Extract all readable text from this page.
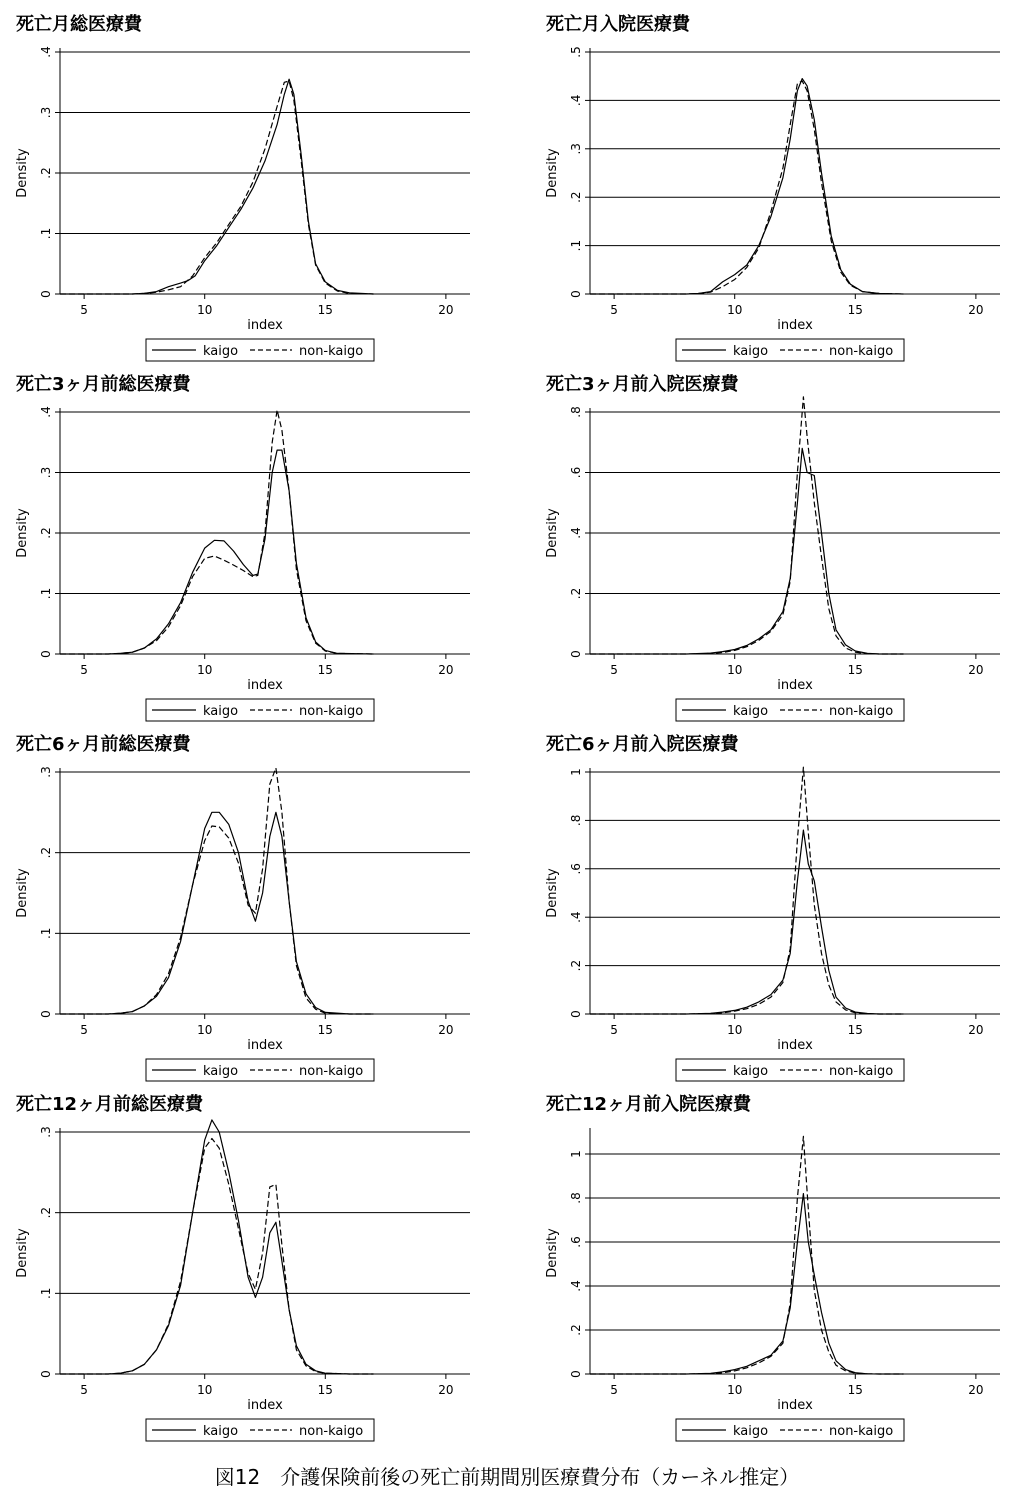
死亡月総医療費
0
.1
.2
.3
.4
5	10	15	20
index
Density
kaigo	non-kaigo
死亡月入院医療費
0
.1
.2
.3
.4
.5
5	10	15	20
index
Density
kaigo	non-kaigo
死亡3ヶ月前総医療費
0
.1
.2
.3
.4
5	10	15	20
index
Density
kaigo	non-kaigo
死亡3ヶ月前入院医療費
0
.2
.4
.6
.8
5	10	15	20
index
Density
kaigo	non-kaigo
死亡6ヶ月前総医療費
0
.1
.2
.3
5	10	15	20
index
Density
kaigo	non-kaigo
死亡6ヶ月前入院医療費
0
.2
.4
.6
.8
1
5	10	15	20
index
Density
kaigo	non-kaigo
死亡12ヶ月前総医療費
0
.1
.2
.3
5	10	15	20
index
Density
kaigo	non-kaigo
死亡12ヶ月前入院医療費
0
.2
.4
.6
.8
1
5	10	15	20
index
Density
kaigo	non-kaigo
図12　介護保険前後の死亡前期間別医療費分布（カーネル推定）
